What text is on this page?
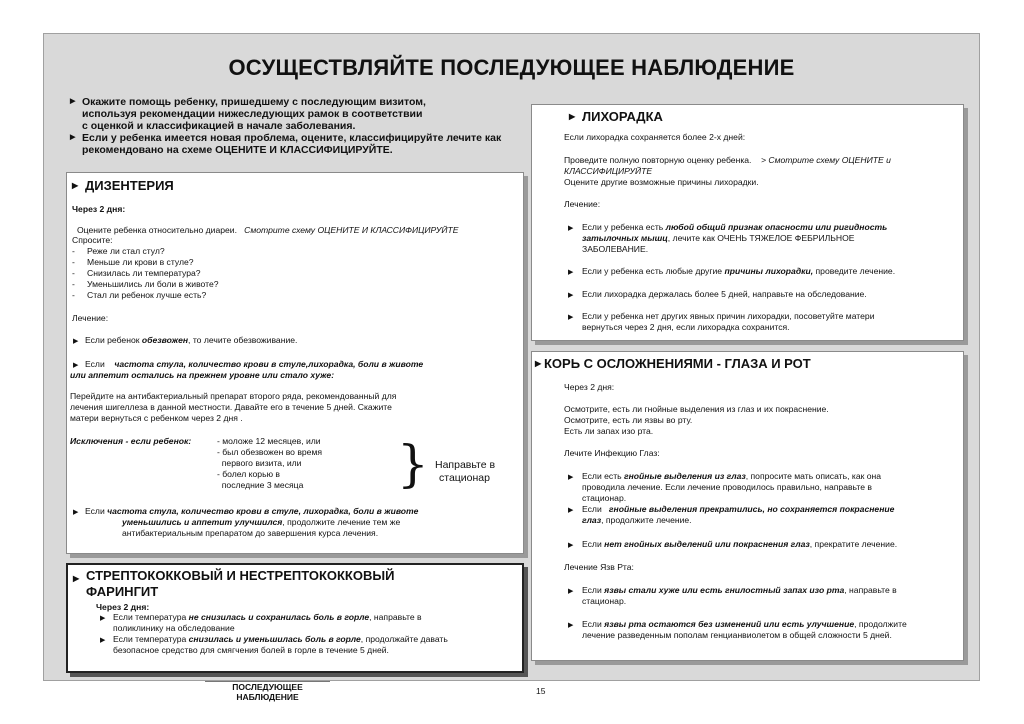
ОСУЩЕСТВЛЯЙТЕ ПОСЛЕДУЮЩЕЕ НАБЛЮДЕНИЕ
▶ Окажите помощь ребенку, пришедшему с последующим визитом,
используя рекомендации нижеследующих рамок в соответствии
с оценкой и классификацией в начале заболевания.
▶ Если у ребенка имеется новая проблема, оцените, классифицируйте лечите как
рекомендовано на схеме ОЦЕНИТЕ И КЛАССИФИЦИРУЙТЕ.
▶ ДИЗЕНТЕРИЯ
Через 2 дня:
Оцените ребенка относительно диареи. Смотрите схему ОЦЕНИТЕ И КЛАССИФИЦИРУЙТЕ
Спросите:
- Реже ли стал стул?
- Меньше ли крови в стуле?
- Снизилась ли температура?
- Уменьшились ли боли в животе?
- Стал ли ребенок лучше есть?
Лечение:
▶ Если ребенок обезвожен, то лечите обезвоживание.
▶ Если частота стула, количество крови в стуле,лихорадка, боли в животе
или аппетит остались на прежнем уровне или стало хуже:
Перейдите на антибактериальный препарат второго ряда, рекомендованный для
лечения шигеллеза в данной местности. Давайте его в течение 5 дней. Скажите
матери вернуться с ребенком через 2 дня .
Исключения - если ребенок:	- моложе 12 месяцев, или
- был обезвожен во время
первого визита, или
- болел корью в
последние 3 месяца } Направьте в
стационар
▶ Если частота стула, количество крови в стуле, лихорадка, боли в животе
уменьшились и аппетит улучшился, продолжите лечение тем же
антибактериальным препаратом до завершения курса лечения.
▶ СТРЕПТОКОККОВЫЙ И НЕСТРЕПТОКОККОВЫЙ
ФАРИНГИТ
Через 2 дня:
▶ Если температура не снизилась и сохранилась боль в горле, направьте в
поликлинику на обследование
▶ Если температура снизилась и уменьшилась боль в горле, продолжайте давать
безопасное средство для смягчения болей в горле в течение 5 дней.
▶ ЛИХОРАДКА
Если лихорадка сохраняется более 2-х дней:
Проведите полную повторную оценку ребенка. > Смотрите схему ОЦЕНИТЕ и
КЛАССИФИЦИРУЙТЕ
Оцените другие возможные причины лихорадки.
Лечение:
▶ Если у ребенка есть любой общий признак опасности или ригидность
затылочных мышц, лечите как ОЧЕНЬ ТЯЖЕЛОЕ ФЕБРИЛЬНОЕ
ЗАБОЛЕВАНИЕ.
▶ Если у ребенка есть любые другие причины лихорадки, проведите лечение.
▶ Если лихорадка держалась более 5 дней, направьте на обследование.
▶ Если у ребенка нет других явных причин лихорадки, посоветуйте матери
вернуться через 2 дня, если лихорадка сохранится.
▶ КОРЬ С ОСЛОЖНЕНИЯМИ - ГЛАЗА И РОТ
Через 2 дня:
Осмотрите, есть ли гнойные выделения из глаз и их покраснение.
Осмотрите, есть ли язвы во рту.
Есть ли запах изо рта.
Лечите Инфекцию Глаз:
▶ Если есть гнойные выделения из глаз, попросите мать описать, как она
проводила лечение. Если лечение проводилось правильно, направьте в
стационар.
▶ Если гнойные выделения прекратились, но сохраняется покраснение
глаз, продолжите лечение.
▶ Если нет гнойных выделений или покраснения глаз, прекратите лечение.
Лечение Язв Рта:
▶ Если язвы стали хуже или есть гнилостный запах изо рта, направьте в
стационар.
▶ Если язвы рта остаются без изменений или есть улучшение, продолжите
лечение разведенным пополам генцианвиолетом в общей сложности 5 дней.
ПОСЛЕДУЮЩЕЕ
НАБЛЮДЕНИЕ
15
